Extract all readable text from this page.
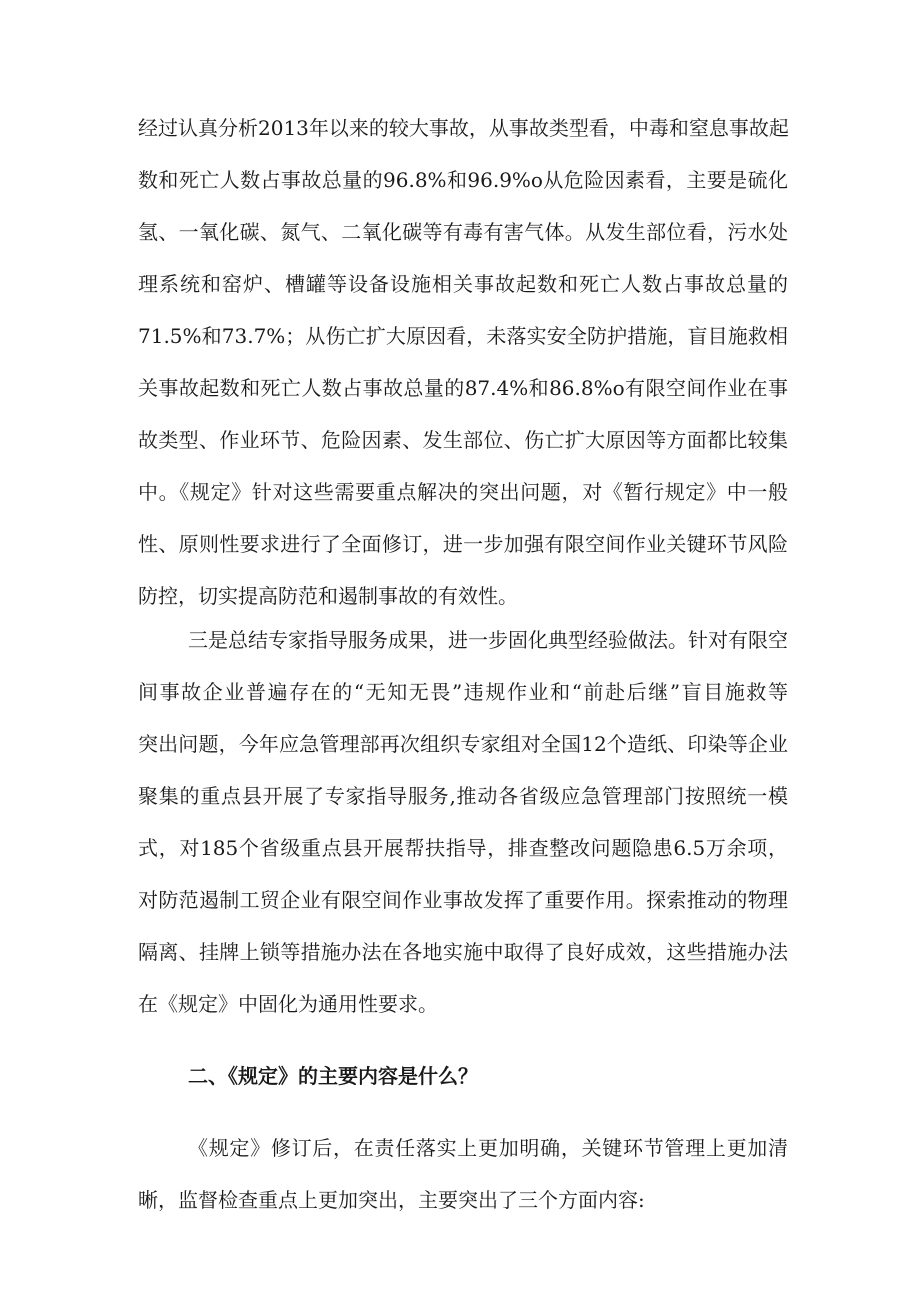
经过认真分析2013年以来的较大事故，从事故类型看，中毒和窒息事故起
数和死亡人数占事故总量的96.8%和96.9%o从危险因素看，主要是硫化
氢、一氧化碳、氮气、二氧化碳等有毒有害气体。从发生部位看，污水处
理系统和窑炉、槽罐等设备设施相关事故起数和死亡人数占事故总量的
71.5%和73.7%；从伤亡扩大原因看，未落实安全防护措施，盲目施救相
关事故起数和死亡人数占事故总量的87.4%和86.8%o有限空间作业在事
故类型、作业环节、危险因素、发生部位、伤亡扩大原因等方面都比较集
中。《规定》针对这些需要重点解决的突出问题，对《暂行规定》中一般
性、原则性要求进行了全面修订，进一步加强有限空间作业关键环节风险
防控，切实提高防范和遏制事故的有效性。
三是总结专家指导服务成果，进一步固化典型经验做法。针对有限空
间事故企业普遍存在的“无知无畏”违规作业和“前赴后继”盲目施救等
突出问题，今年应急管理部再次组织专家组对全国12个造纸、印染等企业
聚集的重点县开展了专家指导服务,推动各省级应急管理部门按照统一模
式，对185个省级重点县开展帮扶指导，排查整改问题隐患6.5万余项，
对防范遏制工贸企业有限空间作业事故发挥了重要作用。探索推动的物理
隔离、挂牌上锁等措施办法在各地实施中取得了良好成效，这些措施办法
在《规定》中固化为通用性要求。
二、《规定》的主要内容是什么？
《规定》修订后，在责任落实上更加明确，关键环节管理上更加清
晰，监督检查重点上更加突出，主要突出了三个方面内容:
